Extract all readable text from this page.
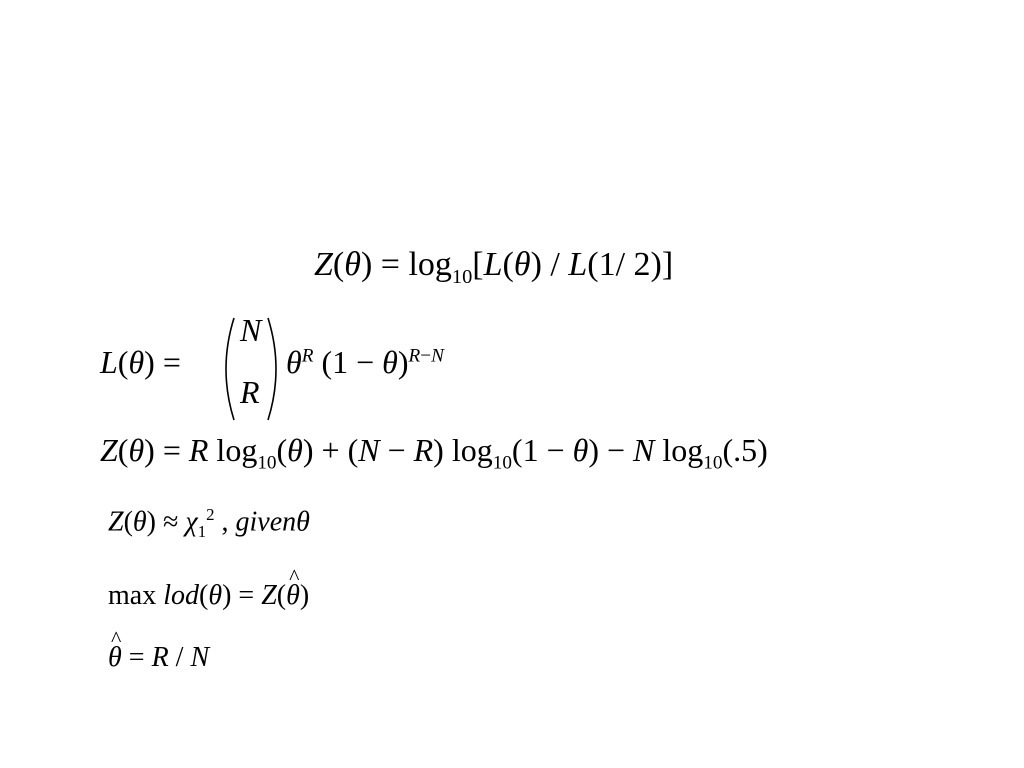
$Z(\theta) = \log_{10}[L(\theta) / L(1/$ 2)]
L(θ) =
N
R
$\theta^R$ $(1 - \theta)^{R-N}$
Z(θ) = R $\log_{10}(\theta) + (N - R) \log_{10}(1 - \theta) - N$ $\log_{10}(.5)$
$Z(\theta) \approx \chi_1^2$ , givenθ
max lod(θ) = Z(^ θ)
^ θ = R / N
